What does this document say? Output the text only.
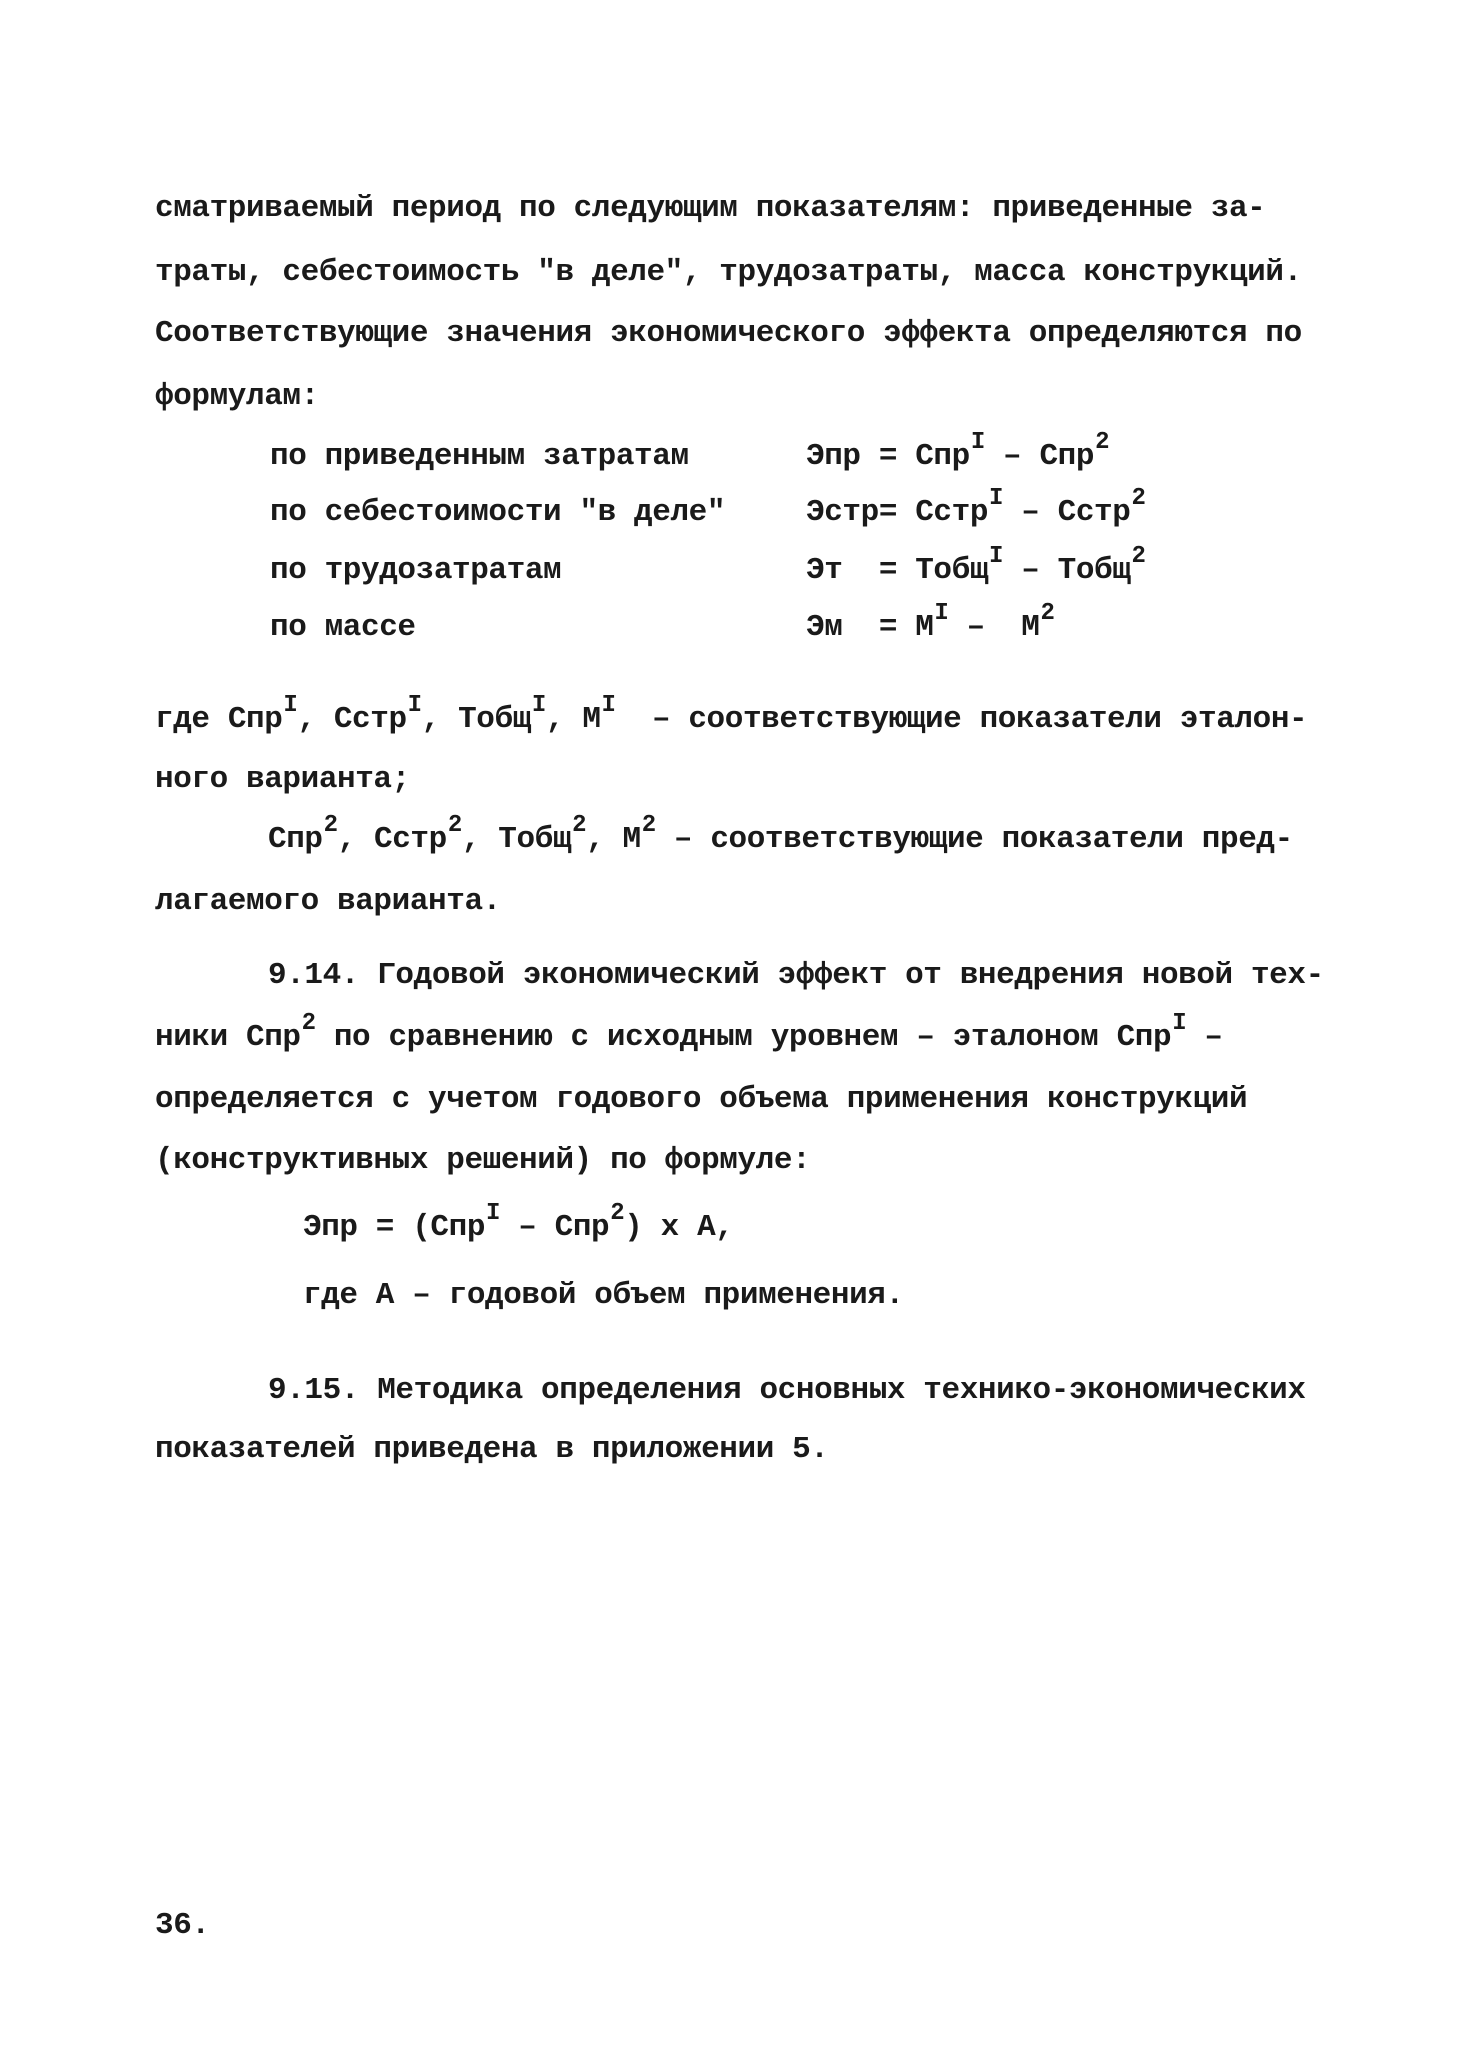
сматриваемый период по следующим показателям: приведенные за-
траты, себестоимость "в деле", трудозатраты, масса конструкций.
Соответствующие значения экономического эффекта определяются по
формулам:
по приведенным затратам	Эпр = Спр$^I$ – Спр$^2$
по себестоимости "в деле"	Эстр= Сстр$^I$ – Сстр$^2$
по трудозатратам	Эт = Тобщ$^I$ – Тобщ$^2$
по массе	Эм = $М^I - М^2$
где Спр$^I$, Сстр$^I$, Тобщ$^I$, $М^I$ – соответствующие показатели эталон-
ного варианта;
Спр$^2$, Сстр$^2$, Тобщ$^2$, $М^2$ – соответствующие показатели пред-
лагаемого варианта.
9.14. Годовой экономический эффект от внедрения новой тех-
ники Спр$^2$ по сравнению с исходным уровнем – эталоном Спр$^I$ –
определяется с учетом годового объема применения конструкций
(конструктивных решений) по формуле:
Эпр = (Спр$^I$ – Спр$^2$) х А,
где А – годовой объем применения.
9.15. Методика определения основных технико-экономических
показателей приведена в приложении 5.
36.
